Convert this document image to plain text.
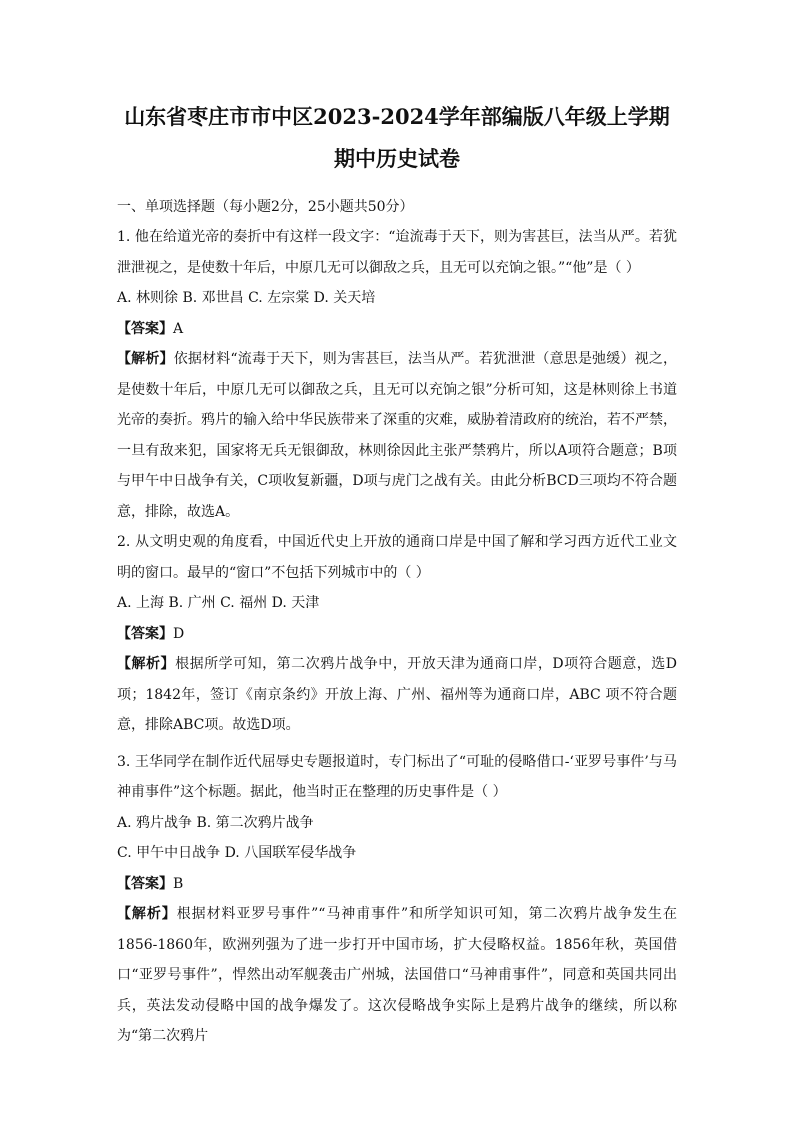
山东省枣庄市市中区2023-2024学年部编版八年级上学期

期中历史试卷

一、单项选择题（每小题2分，25小题共50分）

1. 他在给道光帝的奏折中有这样一段文字：“迨流毒于天下，则为害甚巨，法当从严。若犹泄泄视之，是使数十年后，中原几无可以御敌之兵，且无可以充饷之银。”“他”是（ ）

A. 林则徐 B. 邓世昌 C. 左宗棠 D. 关天培

【答案】A

【解析】依据材料“流毒于天下，则为害甚巨，法当从严。若犹泄泄（意思是弛缓）视之，是使数十年后，中原几无可以御敌之兵，且无可以充饷之银”分析可知，这是林则徐上书道光帝的奏折。鸦片的输入给中华民族带来了深重的灾难，威胁着清政府的统治，若不严禁，一旦有敌来犯，国家将无兵无银御敌，林则徐因此主张严禁鸦片，所以A项符合题意；B项与甲午中日战争有关，C项收复新疆，D项与虎门之战有关。由此分析BCD三项均不符合题意，排除，故选A。

2. 从文明史观的角度看，中国近代史上开放的通商口岸是中国了解和学习西方近代工业文明的窗口。最早的“窗口”不包括下列城市中的（ ）

A. 上海 B. 广州 C. 福州 D. 天津

【答案】D

【解析】根据所学可知，第二次鸦片战争中，开放天津为通商口岸，D项符合题意，选D项；1842年，签订《南京条约》开放上海、广州、福州等为通商口岸，ABC 项不符合题意，排除ABC项。故选D项。

3. 王华同学在制作近代屈辱史专题报道时，专门标出了“可耻的侵略借口-‘亚罗号事件’与马神甫事件”这个标题。据此，他当时正在整理的历史事件是（ ）

A. 鸦片战争 B. 第二次鸦片战争

C. 甲午中日战争 D. 八国联军侵华战争

【答案】B

【解析】根据材料亚罗号事件”“马神甫事件”和所学知识可知，第二次鸦片战争发生在1856-1860年，欧洲列强为了进一步打开中国市场，扩大侵略权益。1856年秋，英国借口“亚罗号事件”，悍然出动军舰袭击广州城，法国借口“马神甫事件”，同意和英国共同出兵，英法发动侵略中国的战争爆发了。这次侵略战争实际上是鸦片战争的继续，所以称为“第二次鸦片
